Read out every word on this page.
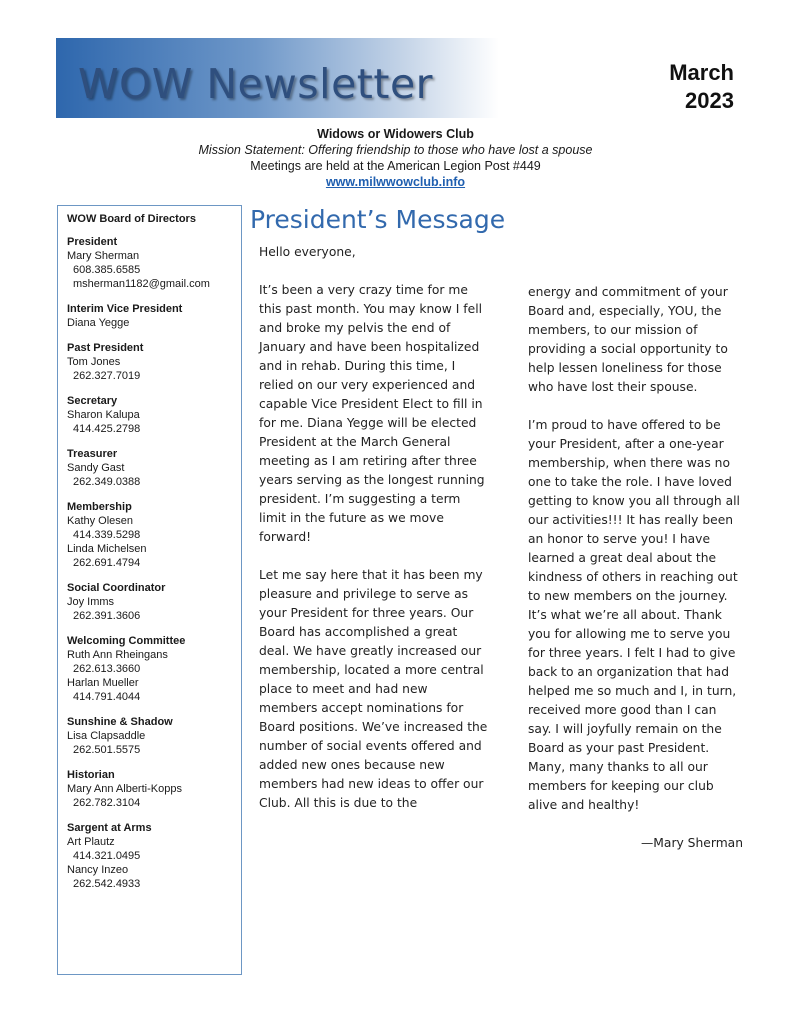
WOW Newsletter	March
2023
Widows or Widowers Club
Mission Statement: Offering friendship to those who have lost a spouse
Meetings are held at the American Legion Post #449
www.milwwowclub.info
WOW Board of Directors
President
Mary Sherman
608.385.6585
msherman1182@gmail.com
Interim Vice President
Diana Yegge
Past President
Tom Jones
262.327.7019
Secretary
Sharon Kalupa
414.425.2798
Treasurer
Sandy Gast
262.349.0388
Membership
Kathy Olesen
414.339.5298
Linda Michelsen
262.691.4794
Social Coordinator
Joy Imms
262.391.3606
Welcoming Committee
Ruth Ann Rheingans
262.613.3660
Harlan Mueller
414.791.4044
Sunshine & Shadow
Lisa Clapsaddle
262.501.5575
Historian
Mary Ann Alberti-Kopps
262.782.3104
Sargent at Arms
Art Plautz
414.321.0495
Nancy Inzeo
262.542.4933
President’s Message

Hello everyone,

It’s been a very crazy time for me this past month. You may know I fell and broke my pelvis the end of January and have been hospitalized and in rehab. During this time, I relied on our very experienced and capable Vice President Elect to fill in for me. Diana Yegge will be elected President at the March General meeting as I am retiring after three years serving as the longest running president. I’m suggesting a term limit in the future as we move forward!

Let me say here that it has been my pleasure and privilege to serve as your President for three years. Our Board has accomplished a great deal. We have greatly increased our membership, located a more central place to meet and had new members accept nominations for Board positions. We’ve increased the number of social events offered and added new ones because new members had new ideas to offer our Club. All this is due to the

energy and commitment of your Board and, especially, YOU, the members, to our mission of providing a social opportunity to help lessen loneliness for those who have lost their spouse.

I’m proud to have offered to be your President, after a one-year membership, when there was no one to take the role. I have loved getting to know you all through all our activities!!! It has really been an honor to serve you! I have learned a great deal about the kindness of others in reaching out to new members on the journey. It’s what we’re all about. Thank you for allowing me to serve you for three years. I felt I had to give back to an organization that had helped me so much and I, in turn, received more good than I can say. I will joyfully remain on the Board as your past President. Many, many thanks to all our members for keeping our club alive and healthy!

—Mary Sherman
